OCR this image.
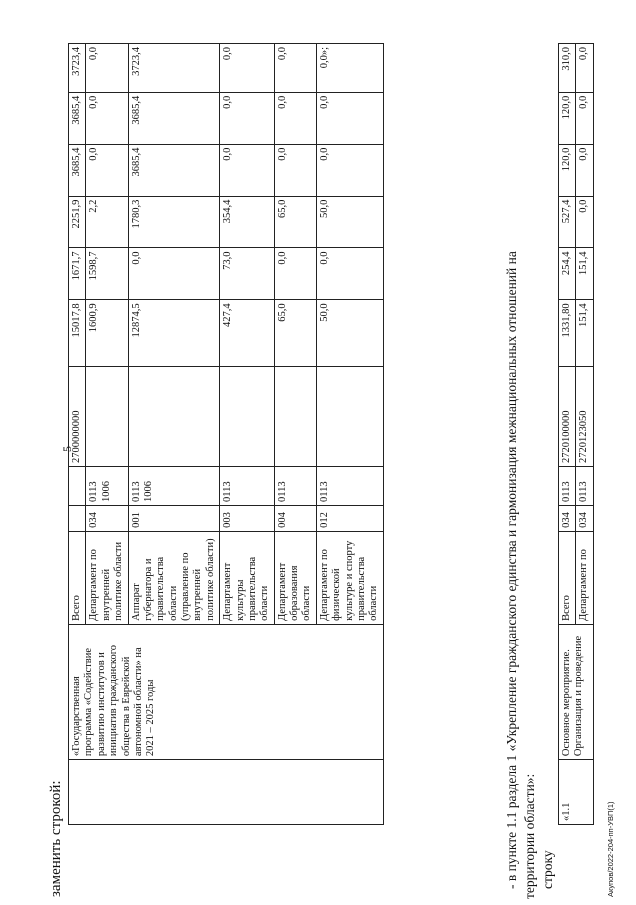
5
заменить строкой:
	«Государственная программа «Содействие развитию институтов и инициатив гражданского общества в Еврейской автономной области» на 2021 – 2025 годы	Всего			2700000000	15017,8	1671,7	2251,9	3685,4	3685,4	3723,4
		Департамент по внутренней политике области	034	0113 1006		1600,9	1598,7	2,2	0,0	0,0	0,0
		Аппарат губернатора и правительства области (управление по внутренней политике области)	001	0113 1006		12874,5	0,0	1780,3	3685,4	3685,4	3723,4
		Департамент культуры правительства области	003	0113		427,4	73,0	354,4	0,0	0,0	0,0
		Департамент образования области	004	0113		65,0	0,0	65,0	0,0	0,0	0,0
		Департамент по физической культуре и спорту правительства области	012	0113		50,0	0,0	50,0	0,0	0,0	0,0»;
- в пункте 1.1 раздела 1 «Укрепление гражданского единства и гармонизация межнациональных отношений на территории области»: строку
«1.1	Основное мероприятие. Организация и проведение	Всего	034	0113	2720100000	1331,80	254,4	527,4	120,0	120,0	310,0
		Департамент по	034	0113	2720123050	151,4	151,4	0,0	0,0	0,0	0,0
Акупов/2022-204-пп-УВП(1)
